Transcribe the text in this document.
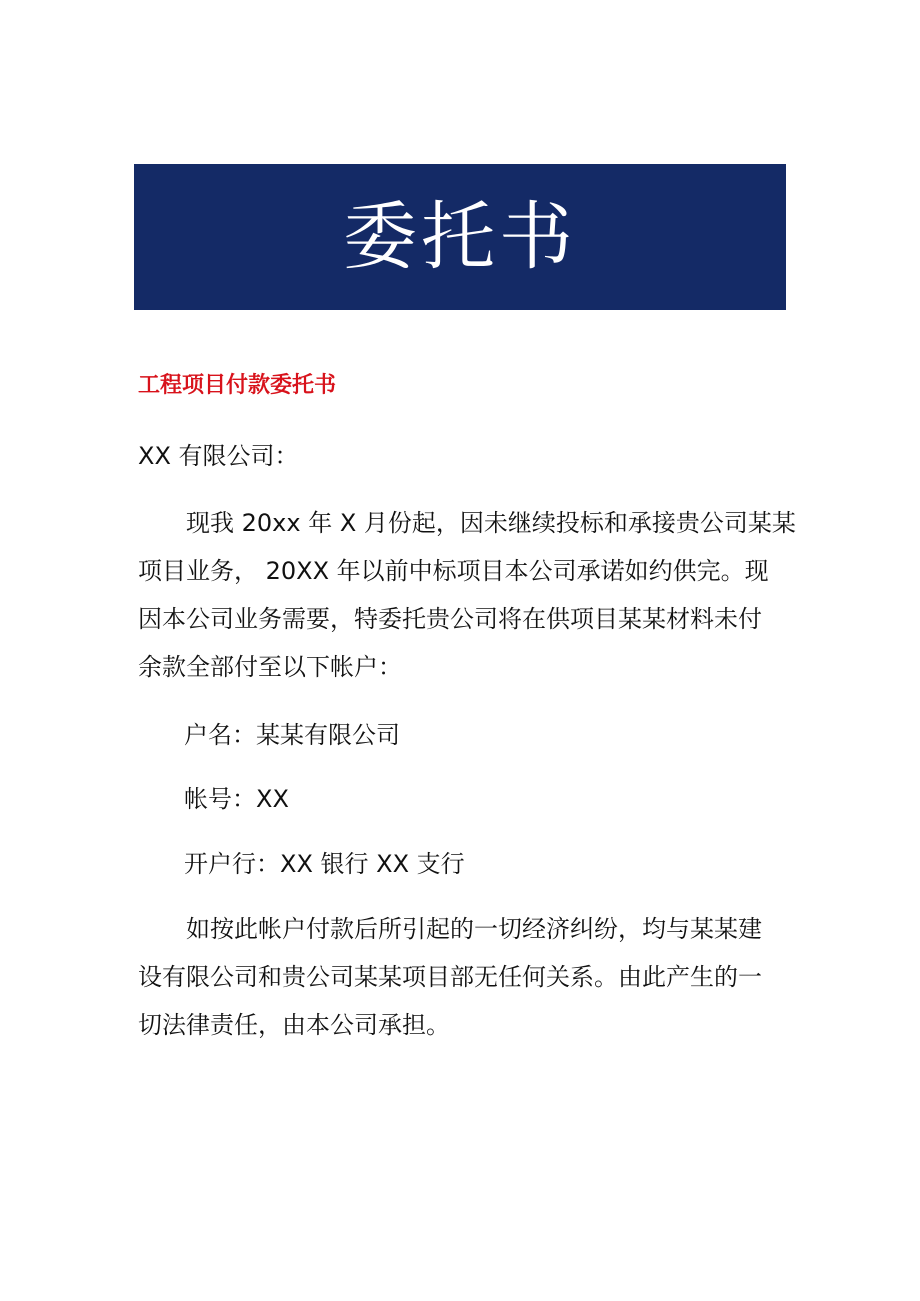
委托书
工程项目付款委托书
XX 有限公司：
　　现我 20xx 年 X 月份起，因未继续投标和承接贵公司某某
项目业务， 20XX 年以前中标项目本公司承诺如约供完。现
因本公司业务需要，特委托贵公司将在供项目某某材料未付
余款全部付至以下帐户：
户名：某某有限公司
帐号：XX
开户行：XX 银行 XX 支行
　　如按此帐户付款后所引起的一切经济纠纷，均与某某建
设有限公司和贵公司某某项目部无任何关系。由此产生的一
切法律责任，由本公司承担。
